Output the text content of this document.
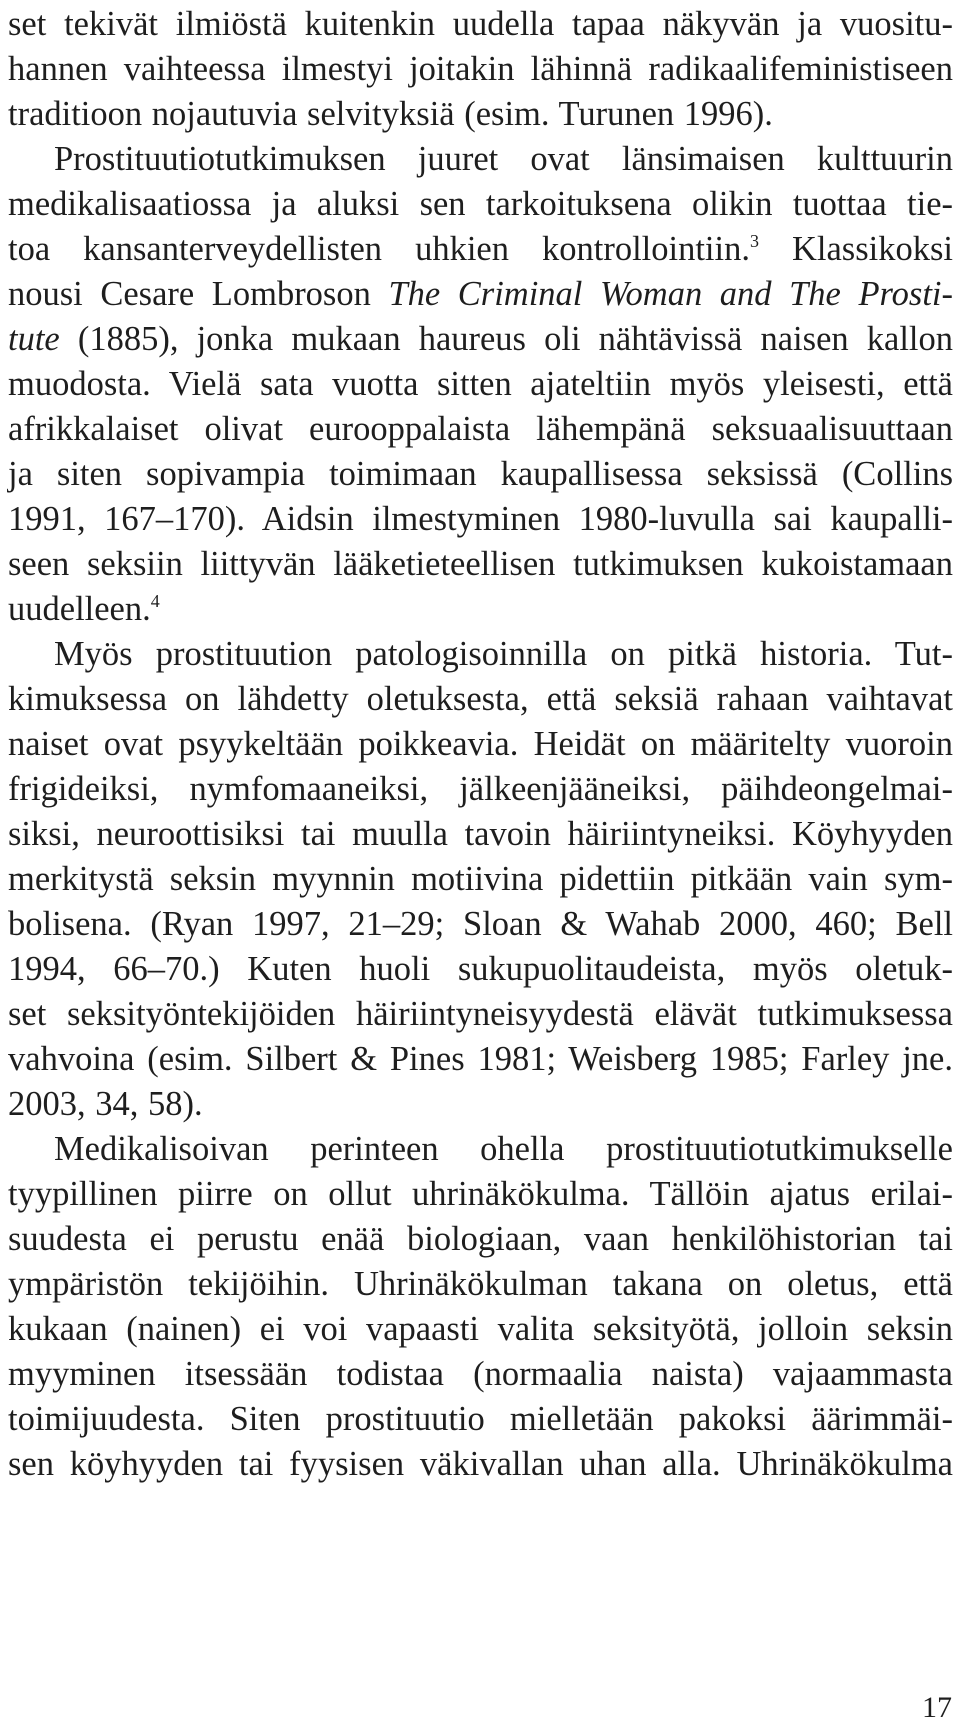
set tekivät ilmiöstä kuitenkin uudella tapaa näkyvän ja vuositu-
hannen vaihteessa ilmestyi joitakin lähinnä radikaalifeministiseen
traditioon nojautuvia selvityksiä (esim. Turunen 1996).
Prostituutiotutkimuksen juuret ovat länsimaisen kulttuurin
medikalisaatiossa ja aluksi sen tarkoituksena olikin tuottaa tie-
toa kansanterveydellisten uhkien kontrollointiin.$^3$ Klassikoksi
nousi Cesare Lombroson The Criminal Woman and The Prosti-
tute (1885), jonka mukaan haureus oli nähtävissä naisen kallon
muodosta. Vielä sata vuotta sitten ajateltiin myös yleisesti, että
afrikkalaiset olivat eurooppalaista lähempänä seksuaalisuuttaan
ja siten sopivampia toimimaan kaupallisessa seksissä (Collins
1991, 167–170). Aidsin ilmestyminen 1980-luvulla sai kaupalli-
seen seksiin liittyvän lääketieteellisen tutkimuksen kukoistamaan
uudelleen.$^4$
Myös prostituution patologisoinnilla on pitkä historia. Tut-
kimuksessa on lähdetty oletuksesta, että seksiä rahaan vaihtavat
naiset ovat psyykeltään poikkeavia. Heidät on määritelty vuoroin
frigideiksi, nymfomaaneiksi, jälkeenjääneiksi, päihdeongelmai-
siksi, neuroottisiksi tai muulla tavoin häiriintyneiksi. Köyhyyden
merkitystä seksin myynnin motiivina pidettiin pitkään vain sym-
bolisena. (Ryan 1997, 21–29; Sloan & Wahab 2000, 460; Bell
1994, 66–70.) Kuten huoli sukupuolitaudeista, myös oletuk-
set seksityöntekijöiden häiriintyneisyydestä elävät tutkimuksessa
vahvoina (esim. Silbert & Pines 1981; Weisberg 1985; Farley jne.
2003, 34, 58).
Medikalisoivan perinteen ohella prostituutiotutkimukselle
tyypillinen piirre on ollut uhrinäkökulma. Tällöin ajatus erilai-
suudesta ei perustu enää biologiaan, vaan henkilöhistorian tai
ympäristön tekijöihin. Uhrinäkökulman takana on oletus, että
kukaan (nainen) ei voi vapaasti valita seksityötä, jolloin seksin
myyminen itsessään todistaa (normaalia naista) vajaammasta
toimijuudesta. Siten prostituutio mielletään pakoksi äärimmäi-
sen köyhyyden tai fyysisen väkivallan uhan alla. Uhrinäkökulma
17
